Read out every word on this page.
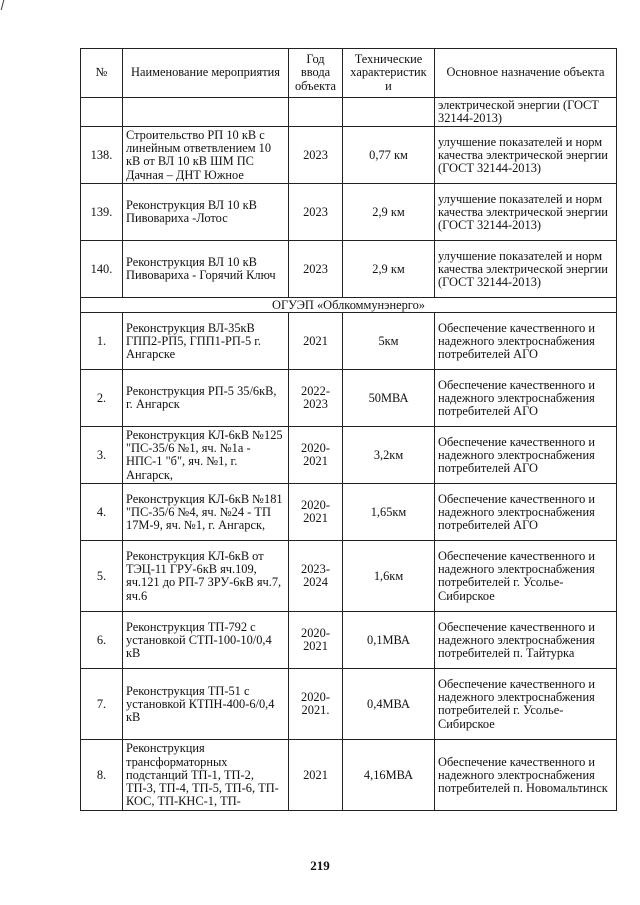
№	Наименование мероприятия	Год ввода объекта	Технические характеристик и	Основное назначение объекта
				электрической энергии (ГОСТ 32144-2013)
138.	Строительство РП 10 кВ с линейным ответвлением 10 кВ от ВЛ 10 кВ ШМ ПС Дачная – ДНТ Южное	2023	0,77 км	улучшение показателей и норм качества электрической энергии (ГОСТ 32144-2013)
139.	Реконструкция ВЛ 10 кВ Пивовариха -Лотос	2023	2,9 км	улучшение показателей и норм качества электрической энергии (ГОСТ 32144-2013)
140.	Реконструкция ВЛ 10 кВ Пивовариха - Горячий Ключ	2023	2,9 км	улучшение показателей и норм качества электрической энергии (ГОСТ 32144-2013)
ОГУЭП «Облкоммунэнерго»				
1.	Реконструкция ВЛ-35кВ ГПП2-РП5, ГПП1-РП-5 г. Ангарске	2021	5км	Обеспечение качественного и надежного электроснабжения потребителей АГО
2.	Реконструкция РП-5 35/6кВ, г. Ангарск	2022-2023	50МВА	Обеспечение качественного и надежного электроснабжения потребителей АГО
3.	Реконструкция КЛ-6кВ №125 "ПС-35/6 №1, яч. №1а - НПС-1 "б", яч. №1, г. Ангарск,	2020-2021	3,2км	Обеспечение качественного и надежного электроснабжения потребителей АГО
4.	Реконструкция КЛ-6кВ №181 "ПС-35/6 №4, яч. №24 - ТП 17М-9, яч. №1, г. Ангарск,	2020-2021	1,65км	Обеспечение качественного и надежного электроснабжения потребителей АГО
5.	Реконструкция КЛ-6кВ от ТЭЦ-11 ГРУ-6кВ яч.109, яч.121 до РП-7 ЗРУ-6кВ яч.7, яч.6	2023-2024	1,6км	Обеспечение качественного и надежного электроснабжения потребителей г. Усолье-Сибирское
6.	Реконструкция ТП-792 с установкой СТП-100-10/0,4 кВ	2020-2021	0,1МВА	Обеспечение качественного и надежного электроснабжения потребителей п. Тайтурка
7.	Реконструкция ТП-51 с установкой КТПН-400-6/0,4 кВ	2020-2021.	0,4МВА	Обеспечение качественного и надежного электроснабжения потребителей г. Усолье-Сибирское
8.	Реконструкция трансформаторных подстанций ТП-1, ТП-2, ТП-3, ТП-4, ТП-5, ТП-6, ТП-КОС, ТП-КНС-1, ТП-	2021	4,16МВА	Обеспечение качественного и надежного электроснабжения потребителей п. Новомальтинск
219
